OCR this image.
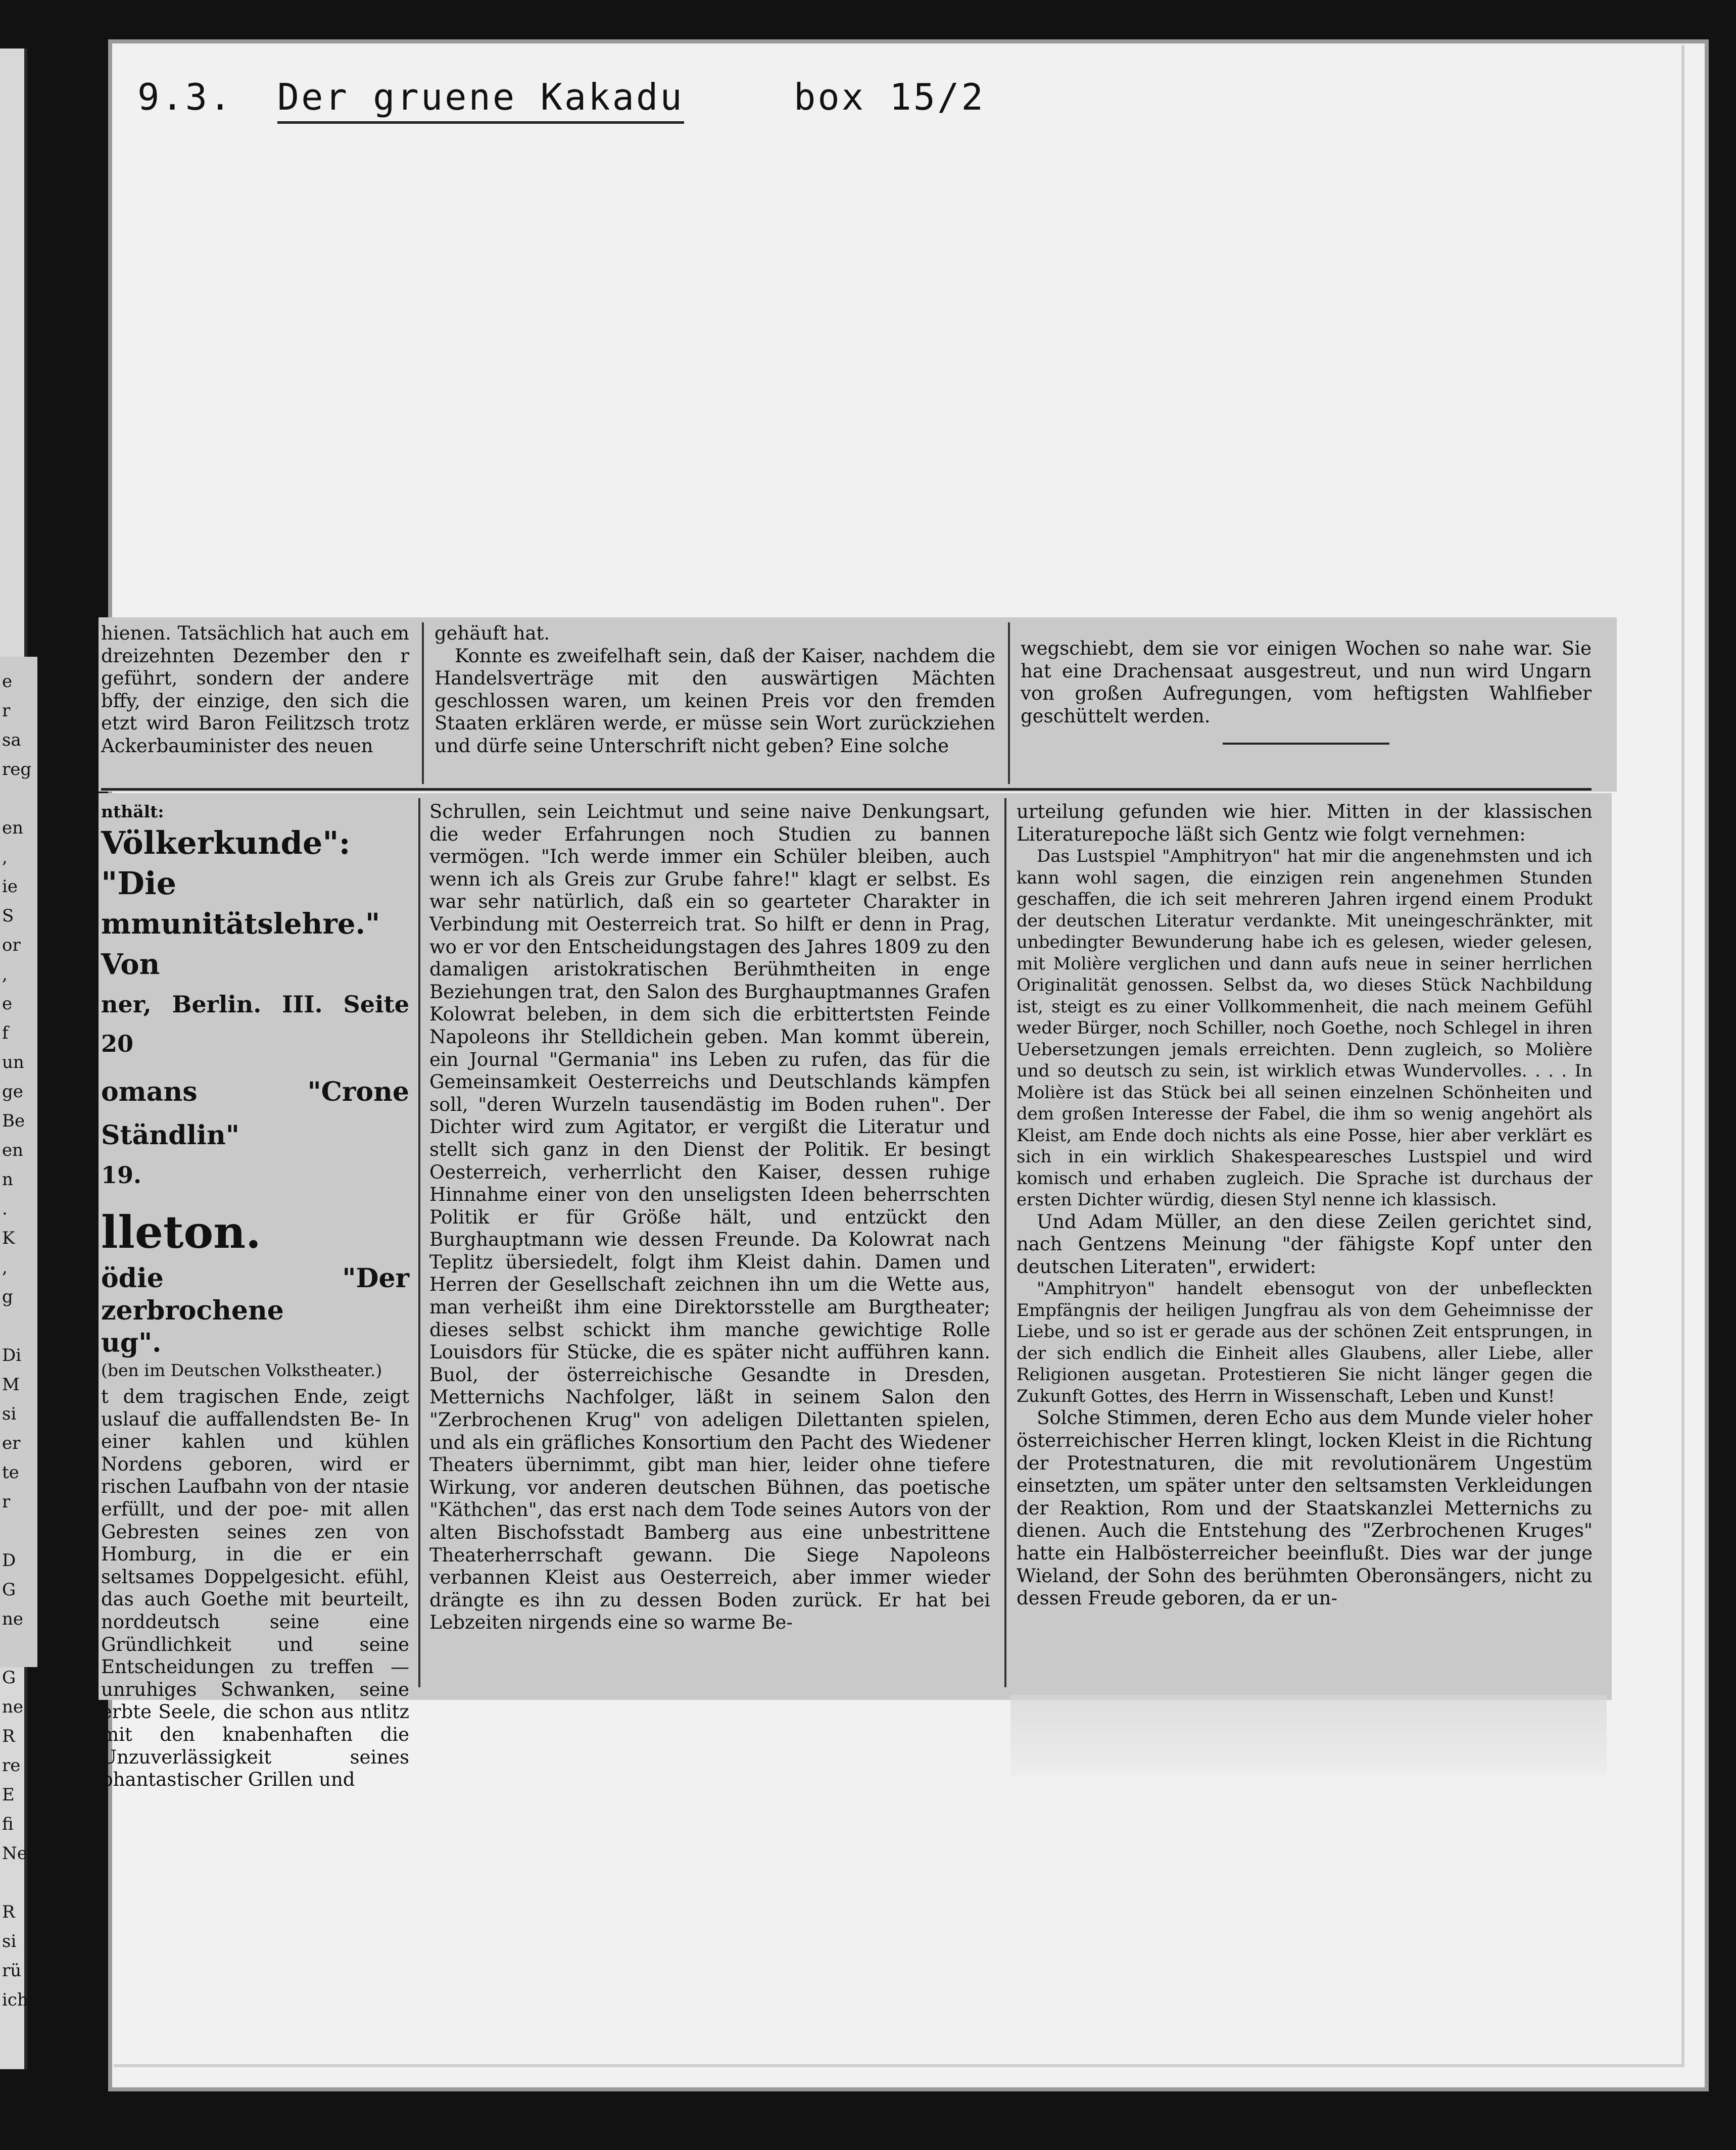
9.3. Der gruene Kakadu	box 15/2
e
r
sa
reg

en
,
ie
S
or
,
e
f
un
ge
Be
en
n
.
K
,
g

Di
M
si
er
te
r

D
G
ne

G
ne
R
re
E
fi
Ne

R
si
rü
icht

hienen. Tatsächlich hat auch em dreizehnten Dezember den r geführt, sondern der andere bffy, der einzige, den sich die etzt wird Baron Feilitzsch trotz Ackerbauminister des neuen

gehäuft hat.

Konnte es zweifelhaft sein, daß der Kaiser, nachdem die Handelsverträge mit den auswärtigen Mächten geschlossen waren, um keinen Preis vor den fremden Staaten erklären werde, er müsse sein Wort zurückziehen und dürfe seine Unterschrift nicht geben? Eine solche

wegschiebt, dem sie vor einigen Wochen so nahe war. Sie hat eine Drachensaat ausgestreut, und nun wird Ungarn von großen Aufregungen, vom heftigsten Wahlfieber geschüttelt werden.

nthält:

Völkerkunde": "Die

mmunitätslehre." Von

ner, Berlin. III. Seite 20

omans "Crone Ständlin"

19.

lleton.

ödie "Der zerbrochene

ug".

(ben im Deutschen Volkstheater.)

t dem tragischen Ende, zeigt uslauf die auffallendsten Be- In einer kahlen und kühlen Nordens geboren, wird er rischen Laufbahn von der ntasie erfüllt, und der poe- mit allen Gebresten seines zen von Homburg, in die er ein seltsames Doppelgesicht. efühl, das auch Goethe mit beurteilt, norddeutsch seine eine Gründlichkeit und seine Entscheidungen zu treffen — unruhiges Schwanken, seine erbte Seele, die schon aus ntlitz mit den knabenhaften die Unzuverlässigkeit seines phantastischer Grillen und

Schrullen, sein Leichtmut und seine naive Denkungsart, die weder Erfahrungen noch Studien zu bannen vermögen. "Ich werde immer ein Schüler bleiben, auch wenn ich als Greis zur Grube fahre!" klagt er selbst. Es war sehr natürlich, daß ein so gearteter Charakter in Verbindung mit Oesterreich trat. So hilft er denn in Prag, wo er vor den Entscheidungstagen des Jahres 1809 zu den damaligen aristokratischen Berühmtheiten in enge Beziehungen trat, den Salon des Burghauptmannes Grafen Kolowrat beleben, in dem sich die erbittertsten Feinde Napoleons ihr Stelldichein geben. Man kommt überein, ein Journal "Germania" ins Leben zu rufen, das für die Gemeinsamkeit Oesterreichs und Deutschlands kämpfen soll, "deren Wurzeln tausendästig im Boden ruhen". Der Dichter wird zum Agitator, er vergißt die Literatur und stellt sich ganz in den Dienst der Politik. Er besingt Oesterreich, verherrlicht den Kaiser, dessen ruhige Hinnahme einer von den unseligsten Ideen beherrschten Politik er für Größe hält, und entzückt den Burghauptmann wie dessen Freunde. Da Kolowrat nach Teplitz übersiedelt, folgt ihm Kleist dahin. Damen und Herren der Gesellschaft zeichnen ihn um die Wette aus, man verheißt ihm eine Direktorsstelle am Burgtheater; dieses selbst schickt ihm manche gewichtige Rolle Louisdors für Stücke, die es später nicht aufführen kann. Buol, der österreichische Gesandte in Dresden, Metternichs Nachfolger, läßt in seinem Salon den "Zerbrochenen Krug" von adeligen Dilettanten spielen, und als ein gräfliches Konsortium den Pacht des Wiedener Theaters übernimmt, gibt man hier, leider ohne tiefere Wirkung, vor anderen deutschen Bühnen, das poetische "Käthchen", das erst nach dem Tode seines Autors von der alten Bischofsstadt Bamberg aus eine unbestrittene Theaterherrschaft gewann. Die Siege Napoleons verbannen Kleist aus Oesterreich, aber immer wieder drängte es ihn zu dessen Boden zurück. Er hat bei Lebzeiten nirgends eine so warme Be-

urteilung gefunden wie hier. Mitten in der klassischen Literaturepoche läßt sich Gentz wie folgt vernehmen:

Das Lustspiel "Amphitryon" hat mir die angenehmsten und ich kann wohl sagen, die einzigen rein angenehmen Stunden geschaffen, die ich seit mehreren Jahren irgend einem Produkt der deutschen Literatur verdankte. Mit uneingeschränkter, mit unbedingter Bewunderung habe ich es gelesen, wieder gelesen, mit Molière verglichen und dann aufs neue in seiner herrlichen Originalität genossen. Selbst da, wo dieses Stück Nachbildung ist, steigt es zu einer Vollkommenheit, die nach meinem Gefühl weder Bürger, noch Schiller, noch Goethe, noch Schlegel in ihren Uebersetzungen jemals erreichten. Denn zugleich, so Molière und so deutsch zu sein, ist wirklich etwas Wundervolles. . . . In Molière ist das Stück bei all seinen einzelnen Schönheiten und dem großen Interesse der Fabel, die ihm so wenig angehört als Kleist, am Ende doch nichts als eine Posse, hier aber verklärt es sich in ein wirklich Shakespearesches Lustspiel und wird komisch und erhaben zugleich. Die Sprache ist durchaus der ersten Dichter würdig, diesen Styl nenne ich klassisch.

Und Adam Müller, an den diese Zeilen gerichtet sind, nach Gentzens Meinung "der fähigste Kopf unter den deutschen Literaten", erwidert:

"Amphitryon" handelt ebensogut von der unbefleckten Empfängnis der heiligen Jungfrau als von dem Geheimnisse der Liebe, und so ist er gerade aus der schönen Zeit entsprungen, in der sich endlich die Einheit alles Glaubens, aller Liebe, aller Religionen ausgetan. Protestieren Sie nicht länger gegen die Zukunft Gottes, des Herrn in Wissenschaft, Leben und Kunst!

Solche Stimmen, deren Echo aus dem Munde vieler hoher österreichischer Herren klingt, locken Kleist in die Richtung der Protestnaturen, die mit revolutionärem Ungestüm einsetzten, um später unter den seltsamsten Verkleidungen der Reaktion, Rom und der Staatskanzlei Metternichs zu dienen. Auch die Entstehung des "Zerbrochenen Kruges" hatte ein Halbösterreicher beeinflußt. Dies war der junge Wieland, der Sohn des berühmten Oberonsängers, nicht zu dessen Freude geboren, da er un-
